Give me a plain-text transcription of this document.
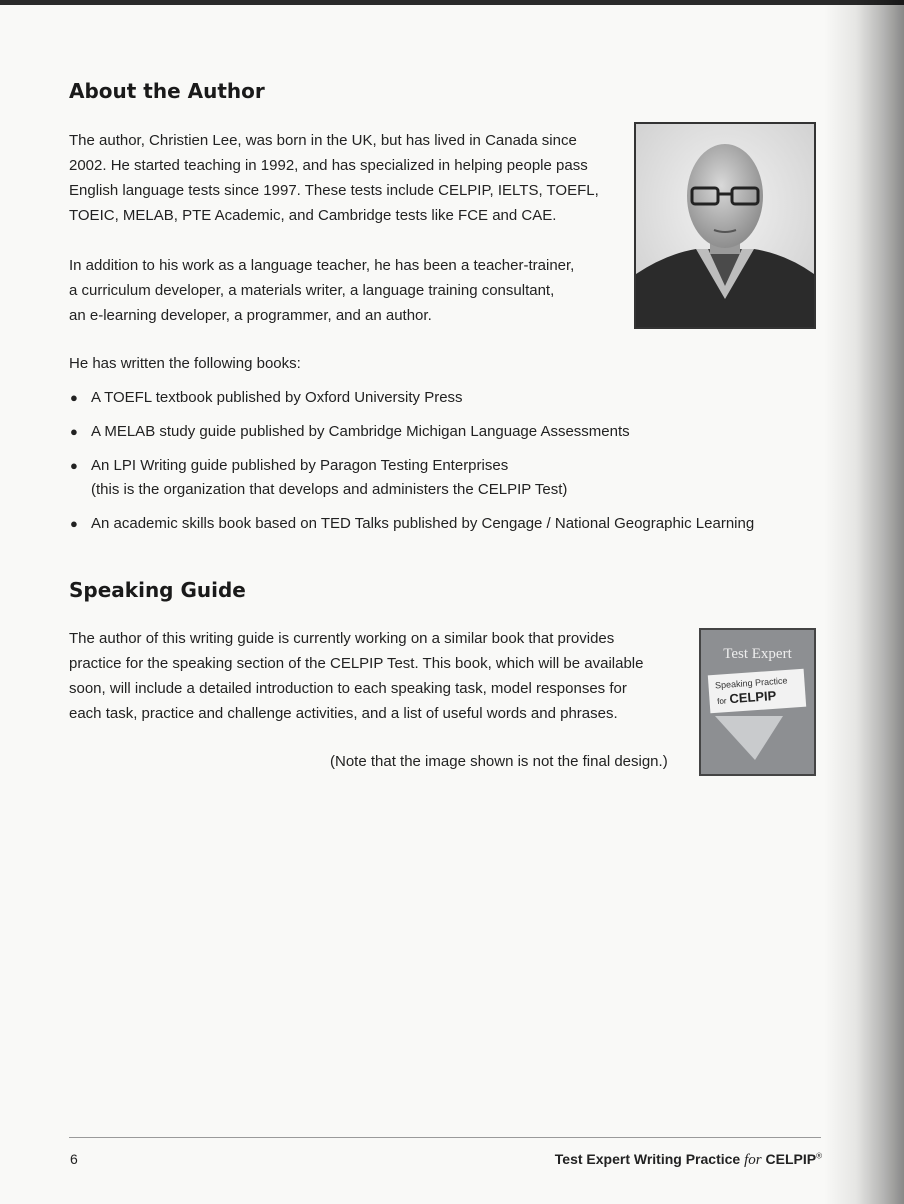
About the Author

The author, Christien Lee, was born in the UK, but has lived in Canada since
2002. He started teaching in 1992, and has specialized in helping people pass
English language tests since 1997. These tests include CELPIP, IELTS, TOEFL,
TOEIC, MELAB, PTE Academic, and Cambridge tests like FCE and CAE.

In addition to his work as a language teacher, he has been a teacher-trainer,
a curriculum developer, a materials writer, a language training consultant,
an e-learning developer, a programmer, and an author.

He has written the following books:

● A TOEFL textbook published by Oxford University Press
● A MELAB study guide published by Cambridge Michigan Language Assessments
● An LPI Writing guide published by Paragon Testing Enterprises
(this is the organization that develops and administers the CELPIP Test)
● An academic skills book based on TED Talks published by Cengage / National Geographic Learning
Speaking Guide

The author of this writing guide is currently working on a similar book that provides
practice for the speaking section of the CELPIP Test. This book, which will be available
soon, will include a detailed introduction to each speaking task, model responses for
each task, practice and challenge activities, and a list of useful words and phrases.

Test Expert
Speaking Practice
for CELPIP

(Note that the image shown is not the final design.)

6	Test Expert Writing Practice for CELPIP®
